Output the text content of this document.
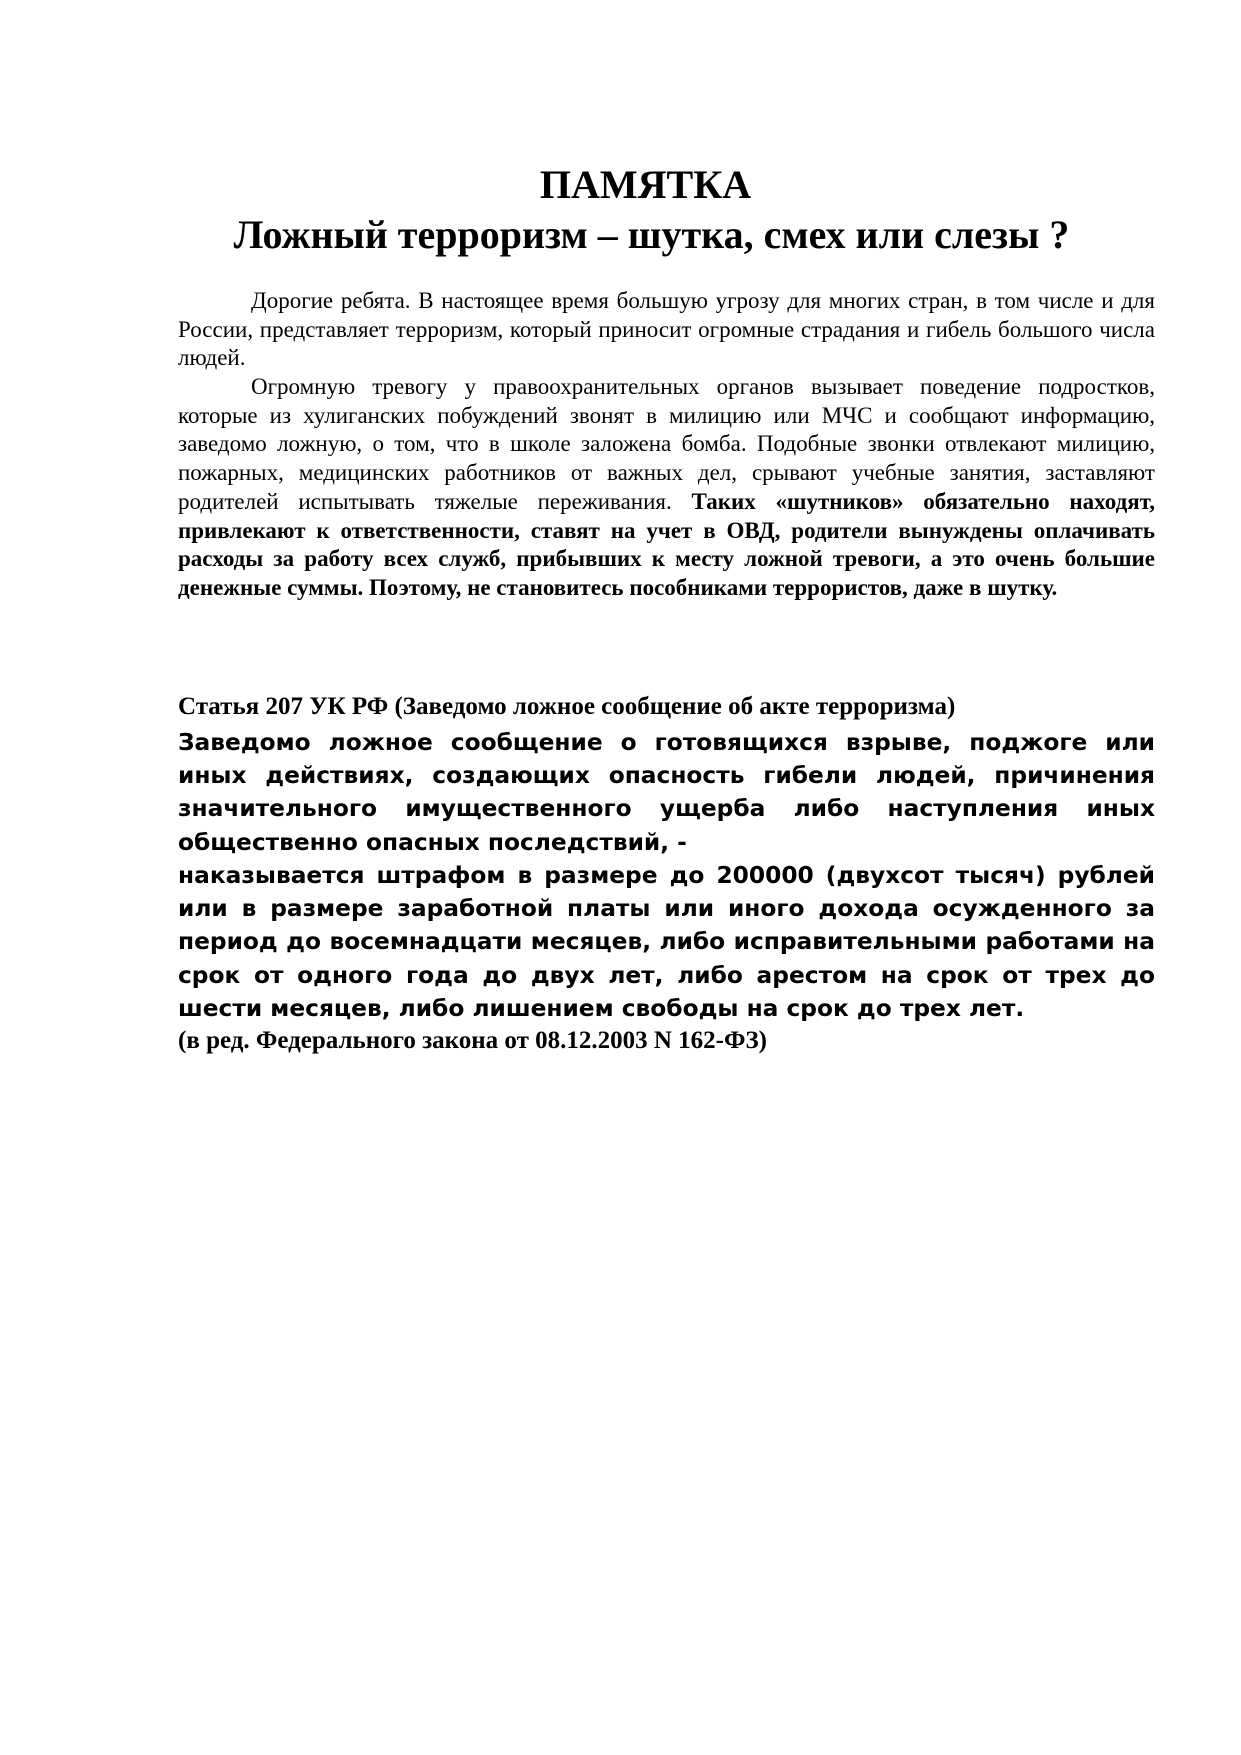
ПАМЯТКА
Ложный терроризм – шутка, смех или слезы ?

Дорогие ребята. В настоящее время большую угрозу для многих стран, в том числе и для России, представляет терроризм, который приносит огромные страдания и гибель большого числа людей.

Огромную тревогу у правоохранительных органов вызывает поведение подростков, которые из хулиганских побуждений звонят в милицию или МЧС и сообщают информацию, заведомо ложную, о том, что в школе заложена бомба. Подобные звонки отвлекают милицию, пожарных, медицинских работников от важных дел, срывают учебные занятия, заставляют родителей испытывать тяжелые переживания. Таких «шутников» обязательно находят, привлекают к ответственности, ставят на учет в ОВД, родители вынуждены оплачивать расходы за работу всех служб, прибывших к месту ложной тревоги, а это очень большие денежные суммы. Поэтому, не становитесь пособниками террористов, даже в шутку.

Статья 207 УК РФ (Заведомо ложное сообщение об акте терроризма)

Заведомо ложное сообщение о готовящихся взрыве, поджоге или иных действиях, создающих опасность гибели людей, причинения значительного имущественного ущерба либо наступления иных общественно опасных последствий, -

наказывается штрафом в размере до 200000 (двухсот тысяч) рублей или в размере заработной платы или иного дохода осужденного за период до восемнадцати месяцев, либо исправительными работами на срок от одного года до двух лет, либо арестом на срок от трех до шести месяцев, либо лишением свободы на срок до трех лет.

(в ред. Федерального закона от 08.12.2003 N 162-ФЗ)
